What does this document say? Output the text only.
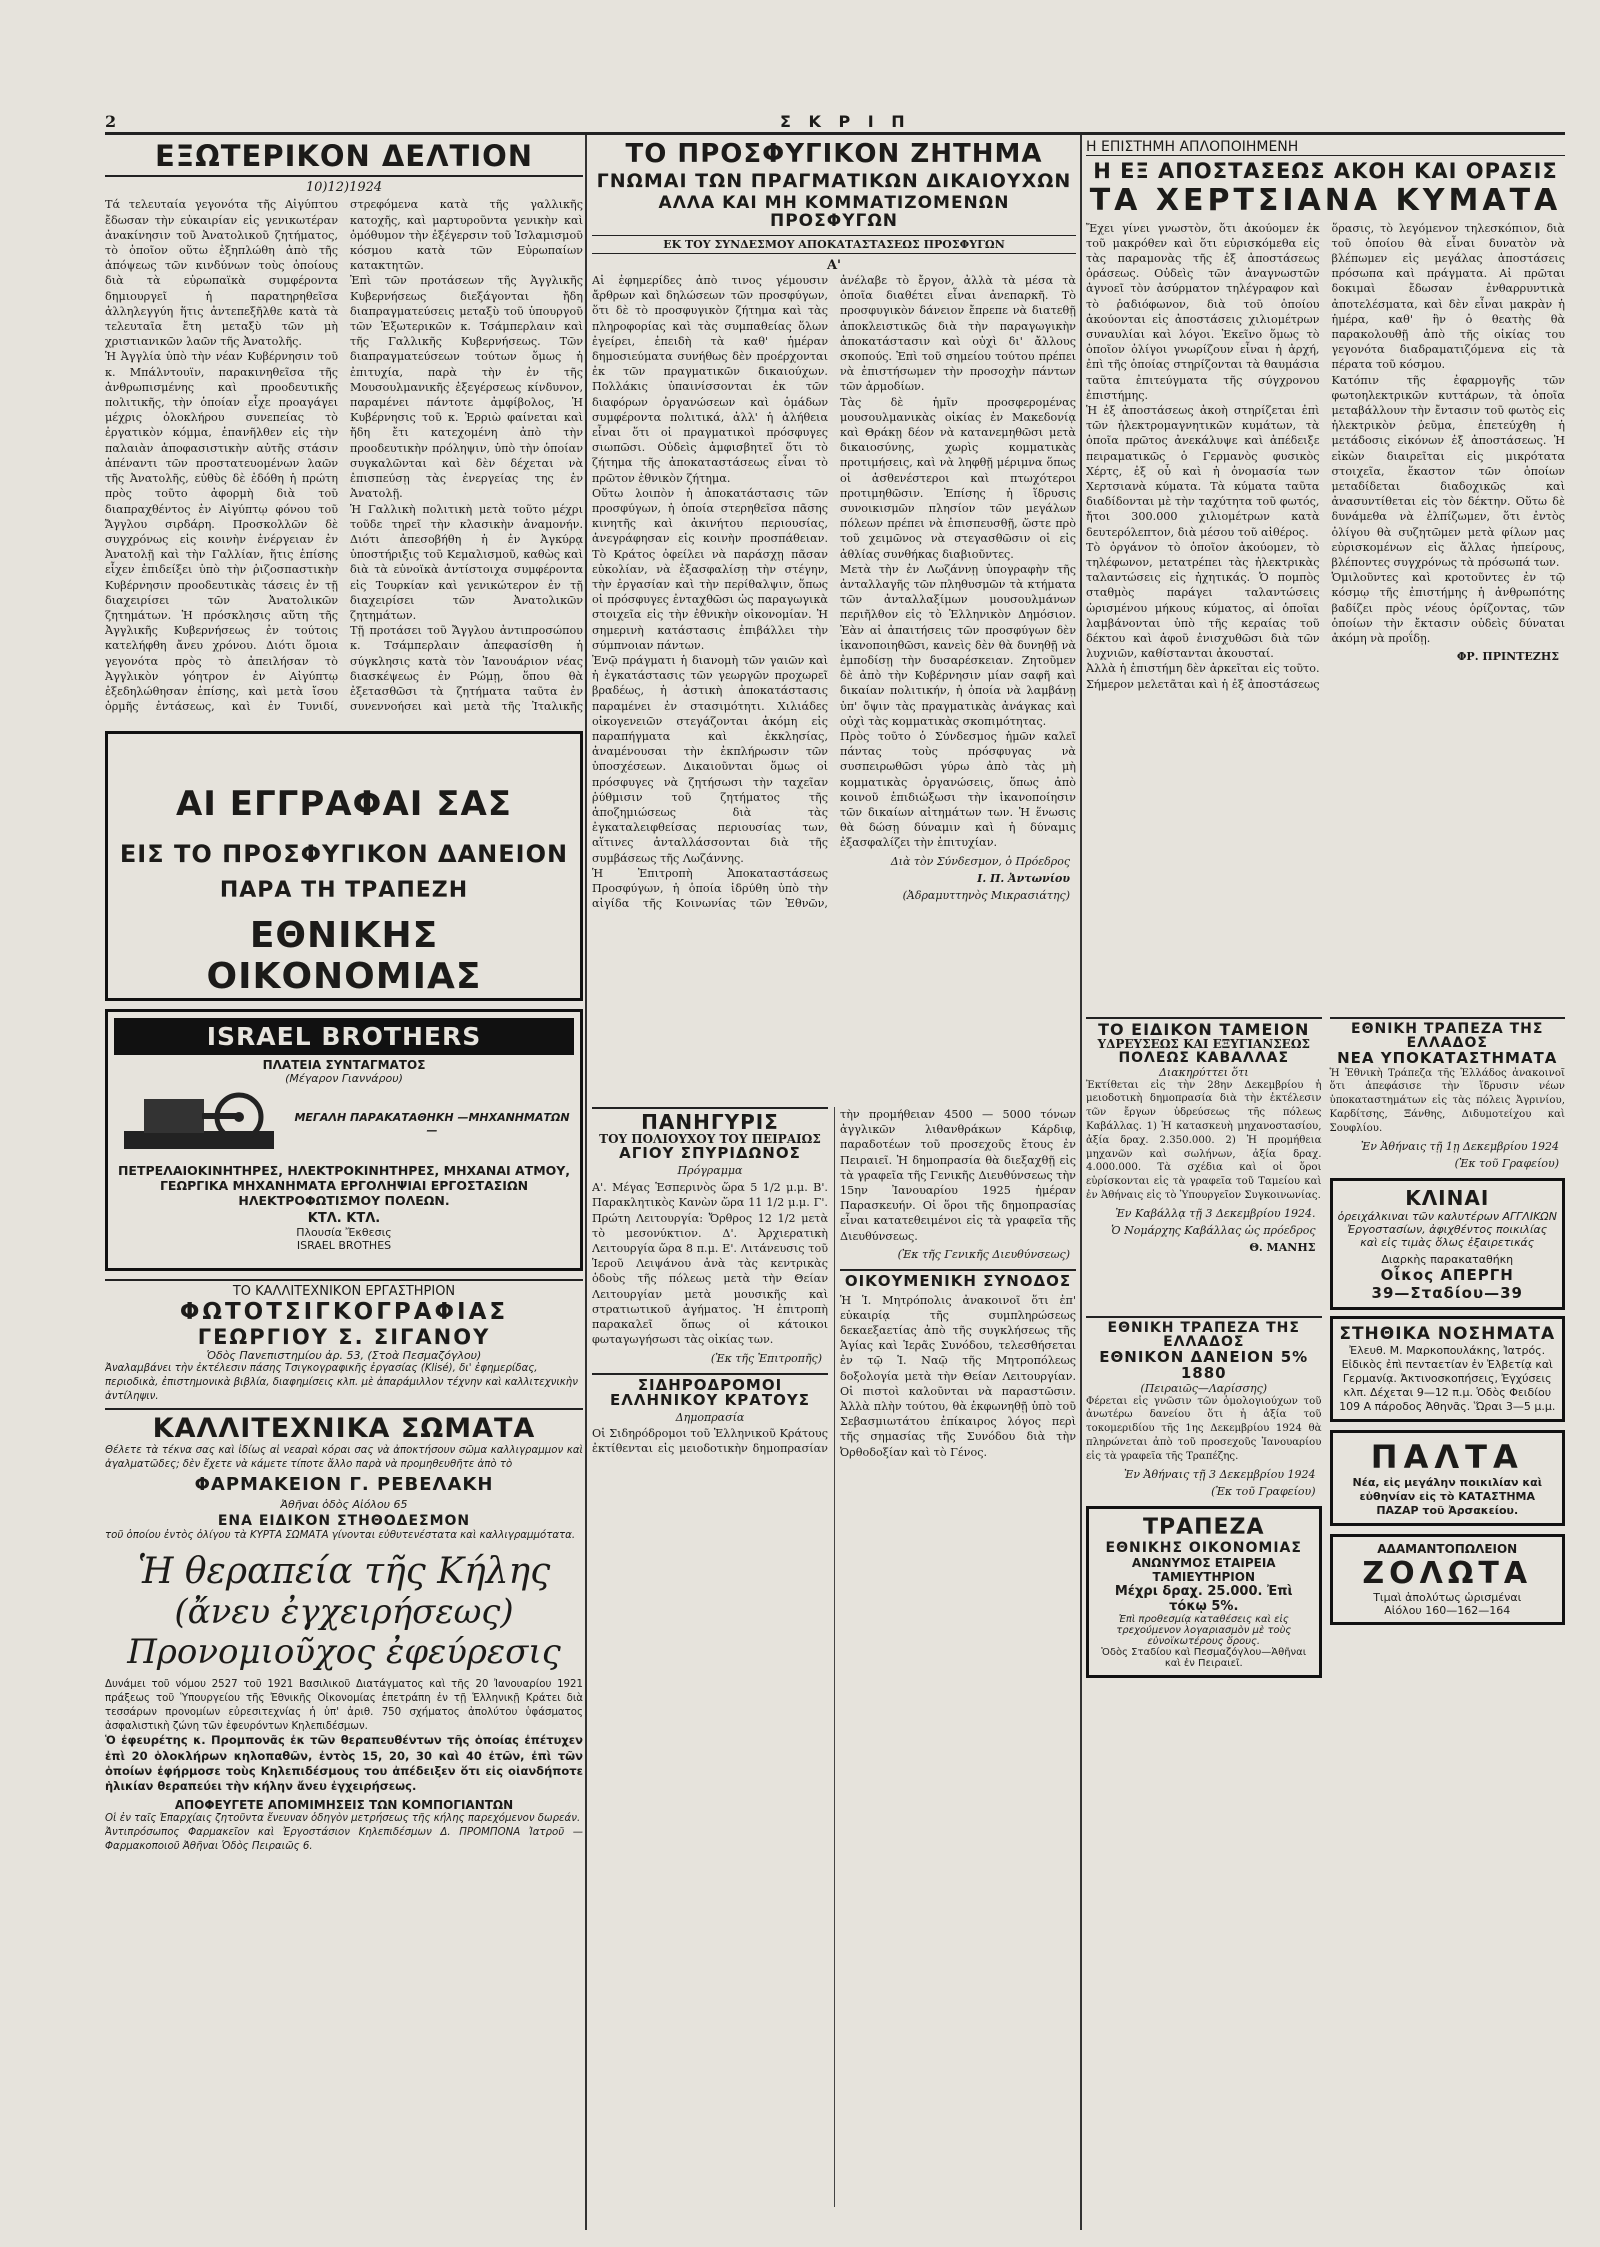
2	Σ Κ Ρ Ι Π
ΕΞΩΤΕΡΙΚΟΝ ΔΕΛΤΙΟΝ
10)12)1924

Τά τελευταία γεγονότα τῆς Αἰγύπτου ἔδωσαν τὴν εὐκαιρίαν εἰς γενικωτέραν ἀνακίνησιν τοῦ Ἀνατολικοῦ ζητήματος, τὸ ὁποῖον οὕτω ἐξηπλώθη ἀπὸ τῆς ἀπόψεως τῶν κινδύνων τοὺς ὁποίους διὰ τὰ εὐρωπαϊκὰ συμφέροντα δημιουργεῖ ἡ παρατηρηθεῖσα ἀλληλεγγύη ἥτις ἀντεπεξῆλθε κατὰ τὰ τελευταῖα ἔτη μεταξὺ τῶν μὴ χριστιανικῶν λαῶν τῆς Ἀνατολῆς.

Ἡ Ἀγγλία ὑπὸ τὴν νέαν Κυβέρνησιν τοῦ κ. Μπάλντουϊν, παρακινηθεῖσα τῆς ἀνθρωπισμένης καὶ προοδευτικῆς πολιτικῆς, τὴν ὁποίαν εἶχε προαγάγει μέχρις ὁλοκλήρου συνεπείας τὸ ἐργατικὸν κόμμα, ἐπανῆλθεν εἰς τὴν παλαιὰν ἀποφασιστικὴν αὐτῆς στάσιν ἀπέναντι τῶν προστατευομένων λαῶν τῆς Ἀνατολῆς, εὐθὺς δὲ ἐδόθη ἡ πρώτη πρὸς τοῦτο ἀφορμὴ διὰ τοῦ διαπραχθέντος ἐν Αἰγύπτῳ φόνου τοῦ Ἄγγλου σιρδάρη. Προσκολλῶν δὲ συγχρόνως εἰς κοινὴν ἐνέργειαν ἐν Ἀνατολῇ καὶ τὴν Γαλλίαν, ἥτις ἐπίσης εἶχεν ἐπιδείξει ὑπὸ τὴν ῥιζοσπαστικὴν Κυβέρνησιν προοδευτικὰς τάσεις ἐν τῇ διαχειρίσει τῶν Ἀνατολικῶν ζητημάτων. Ἡ πρόσκλησις αὕτη τῆς Ἀγγλικῆς Κυβερνήσεως ἐν τούτοις κατελήφθη ἄνευ χρόνου. Διότι ὅμοια γεγονότα πρὸς τὸ ἀπειλήσαν τὸ Ἀγγλικὸν γόητρον ἐν Αἰγύπτῳ ἐξεδηλώθησαν ἐπίσης, καὶ μετὰ ἴσου ὁρμῆς ἐντάσεως, καὶ ἐν Τυνιδί, στρεφόμενα κατὰ τῆς γαλλικῆς κατοχῆς, καὶ μαρτυροῦντα γενικὴν καὶ ὁμόθυμον τὴν ἐξέγερσιν τοῦ Ἰσλαμισμοῦ κόσμου κατὰ τῶν Εὐρωπαίων κατακτητῶν.

Ἐπὶ τῶν προτάσεων τῆς Ἀγγλικῆς Κυβερνήσεως διεξάγονται ἤδη διαπραγματεύσεις μεταξὺ τοῦ ὑπουργοῦ τῶν Ἐξωτερικῶν κ. Τσάμπερλαιν καὶ τῆς Γαλλικῆς Κυβερνήσεως. Τῶν διαπραγματεύσεων τούτων ὅμως ἡ ἐπιτυχία, παρὰ τὴν ἐν τῆς Μουσουλμανικῆς ἐξεγέρσεως κίνδυνον, παραμένει πάντοτε ἀμφίβολος, Ἡ Κυβέρνησις τοῦ κ. Ἐρριὼ φαίνεται καὶ ἤδη ἔτι κατεχομένη ἀπὸ τὴν προοδευτικὴν πρόληψιν, ὑπὸ τὴν ὁποίαν συγκαλῶνται καὶ δὲν δέχεται νὰ ἐπισπεύσῃ τὰς ἐνεργείας της ἐν Ἀνατολῇ.

Ἡ Γαλλικὴ πολιτικὴ μετὰ τοῦτο μέχρι τοῦδε τηρεῖ τὴν κλασικὴν ἀναμονήν. Διότι ἀπεσοβήθη ἡ ἐν Ἀγκύρᾳ ὑποστήριξις τοῦ Κεμαλισμοῦ, καθὼς καὶ διὰ τὰ εὐνοϊκὰ ἀντίστοιχα συμφέροντα εἰς Τουρκίαν καὶ γενικώτερον ἐν τῇ διαχειρίσει τῶν Ἀνατολικῶν ζητημάτων.

Τῇ προτάσει τοῦ Ἄγγλου ἀντιπροσώπου κ. Τσάμπερλαιν ἀπεφασίσθη ἡ σύγκλησις κατὰ τὸν Ἰανουάριον νέας διασκέψεως ἐν Ρώμῃ, ὅπου θὰ ἐξετασθῶσι τὰ ζητήματα ταῦτα ἐν συνεννοήσει καὶ μετὰ τῆς Ἰταλικῆς

ΑΙ ΕΓΓΡΑΦΑΙ ΣΑΣ
ΕΙΣ ΤΟ ΠΡΟΣΦΥΓΙΚΟΝ ΔΑΝΕΙΟΝ
ΠΑΡΑ ΤΗ ΤΡΑΠΕΖΗ
ΕΘΝΙΚΗΣ ΟΙΚΟΝΟΜΙΑΣ
ISRAEL BROTHERS
ΠΛΑΤΕΙΑ ΣΥΝΤΑΓΜΑΤΟΣ
(Μέγαρον Γιαννάρου)
ΜΕΓΑΛΗ ΠΑΡΑΚΑΤΑΘΗΚΗ —ΜΗΧΑΝΗΜΑΤΩΝ—
ΠΕΤΡΕΛΑΙΟΚΙΝΗΤΗΡΕΣ, ΗΛΕΚΤΡΟΚΙΝΗΤΗΡΕΣ, ΜΗΧΑΝΑΙ ΑΤΜΟΥ, ΓΕΩΡΓΙΚΑ ΜΗΧΑΝΗΜΑΤΑ ΕΡΓΟΛΗΨΙΑΙ ΕΡΓΟΣΤΑΣΙΩΝ ΗΛΕΚΤΡΟΦΩΤΙΣΜΟΥ ΠΟΛΕΩΝ.
ΚΤΛ. ΚΤΛ.
Πλουσία Ἔκθεσις
ISRAEL BROTHES
ΤΟ ΚΑΛΛΙΤΕΧΝΙΚΟΝ ΕΡΓΑΣΤΗΡΙΟΝ
ΦΩΤΟΤΣΙΓΚΟΓΡΑΦΙΑΣ
ΓΕΩΡΓΙΟΥ Σ. ΣΙΓΑΝΟΥ
Ὁδὸς Πανεπιστημίου ἀρ. 53, (Στοὰ Πεσμαζόγλου)

Ἀναλαμβάνει τὴν ἐκτέλεσιν πάσης Τσιγκογραφικῆς ἐργασίας (Klisé), δι' ἐφημερίδας, περιοδικὰ, ἐπιστημονικὰ βιβλία, διαφημίσεις κλπ. μὲ ἀπαράμιλλον τέχνην καὶ καλλιτεχνικὴν ἀντίληψιν.

ΚΑΛΛΙΤΕΧΝΙΚΑ ΣΩΜΑΤΑ

Θέλετε τὰ τέκνα σας καὶ ἰδίως αἱ νεαραὶ κόραι σας νὰ ἀποκτήσουν σῶμα καλλιγραμμον καὶ ἀγαλματῶδες; δὲν ἔχετε νὰ κάμετε τίποτε ἄλλο παρὰ νὰ προμηθευθῆτε ἀπὸ τὸ

ΦΑΡΜΑΚΕΙΟΝ Γ. ΡΕΒΕΛΑΚΗ
Ἀθῆναι ὁδὸς Αἰόλου 65
ΕΝΑ ΕΙΔΙΚΟΝ ΣΤΗΘΟΔΕΣΜΟΝ

τοῦ ὁποίου ἐντὸς ὀλίγου τὰ ΚΥΡΤΑ ΣΩΜΑΤΑ γίνονται εὐθυτενέστατα καὶ καλλιγραμμότατα.

Ἡ θεραπεία τῆς Κήλης
(ἄνευ ἐγχειρήσεως)
Προνομιοῦχος ἐφεύρεσις

Δυνάμει τοῦ νόμου 2527 τοῦ 1921 Βασιλικοῦ Διατάγματος καὶ τῆς 20 Ἰανουαρίου 1921 πράξεως τοῦ Ὑπουργείου τῆς Ἐθνικῆς Οἰκονομίας ἐπετράπη ἐν τῇ Ἑλληνικῇ Κράτει διὰ τεσσάρων προνομίων εὐρεσιτεχνίας ἡ ὑπ' ἀριθ. 750 σχήματος ἀπολύτου ὑφάσματος ἀσφαλιστικὴ ζώνη τῶν ἐφευρόντων Κηλεπιδέσμων.

Ὁ ἐφευρέτης κ. Προμπονᾶς ἐκ τῶν θεραπευθέντων τῆς ὁποίας ἐπέτυχεν ἐπὶ 20 ὁλοκλήρων κηλοπαθῶν, ἐντὸς 15, 20, 30 καὶ 40 ἐτῶν, ἐπὶ τῶν ὁποίων ἐφήρμοσε τοὺς Κηλεπιδέσμους του ἀπέδειξεν ὅτι εἰς οἱανδήποτε ἡλικίαν θεραπεύει τὴν κήλην ἄνευ ἐγχειρήσεως.

ΑΠΟΦΕΥΓΕΤΕ ΑΠΟΜΙΜΗΣΕΙΣ ΤΩΝ ΚΟΜΠΟΓΙΑΝΤΩΝ

Οἱ ἐν ταῖς Ἐπαρχίαις ζητοῦντα ἔνευναν ὁδηγὸν μετρήσεως τῆς κήλης παρεχόμενον δωρεάν.

Ἀντιπρόσωπος Φαρμακεῖον καὶ Ἐργοστάσιον Κηλεπιδέσμων Δ. ΠΡΟΜΠΟΝΑ Ἰατροῦ — Φαρμακοποιοῦ Ἀθῆναι Ὁδὸς Πειραιῶς 6.

ΤΟ ΠΡΟΣΦΥΓΙΚΟΝ ΖΗΤΗΜΑ
ΓΝΩΜΑΙ ΤΩΝ ΠΡΑΓΜΑΤΙΚΩΝ ΔΙΚΑΙΟΥΧΩΝ
ΑΛΛΑ ΚΑΙ ΜΗ ΚΟΜΜΑΤΙΖΟΜΕΝΩΝ ΠΡΟΣΦΥΓΩΝ
ΕΚ ΤΟΥ ΣΥΝΔΕΣΜΟΥ ΑΠΟΚΑΤΑΣΤΑΣΕΩΣ ΠΡΟΣΦΥΓΩΝ
Α'

Αἱ ἐφημερίδες ἀπὸ τινος γέμουσιν ἄρθρων καὶ δηλώσεων τῶν προσφύγων, ὅτι δὲ τὸ προσφυγικὸν ζήτημα καὶ τὰς πληροφορίας καὶ τὰς συμπαθείας ὅλων ἐγείρει, ἐπειδὴ τὰ καθ' ἡμέραν δημοσιεύματα συνήθως δὲν προέρχονται ἐκ τῶν πραγματικῶν δικαιούχων. Πολλάκις ὑπαινίσσονται ἐκ τῶν διαφόρων ὀργανώσεων καὶ ὁμάδων συμφέροντα πολιτικά, ἀλλ' ἡ ἀλήθεια εἶναι ὅτι οἱ πραγματικοὶ πρόσφυγες σιωπῶσι. Οὐδεὶς ἀμφισβητεῖ ὅτι τὸ ζήτημα τῆς ἀποκαταστάσεως εἶναι τὸ πρῶτον ἐθνικὸν ζήτημα.

Οὕτω λοιπὸν ἡ ἀποκατάστασις τῶν προσφύγων, ἡ ὁποία στερηθεῖσα πᾶσης κινητῆς καὶ ἀκινήτου περιουσίας, ἀνεγράφησαν εἰς κοινὴν προσπάθειαν. Τὸ Κράτος ὀφείλει νὰ παράσχῃ πᾶσαν εὐκολίαν, νὰ ἐξασφαλίσῃ τὴν στέγην, τὴν ἐργασίαν καὶ τὴν περίθαλψιν, ὅπως οἱ πρόσφυγες ἐνταχθῶσι ὡς παραγωγικὰ στοιχεῖα εἰς τὴν ἐθνικὴν οἰκονομίαν. Ἡ σημερινὴ κατάστασις ἐπιβάλλει τὴν σύμπνοιαν πάντων.

Ἐνῷ πράγματι ἡ διανομὴ τῶν γαιῶν καὶ ἡ ἐγκατάστασις τῶν γεωργῶν προχωρεῖ βραδέως, ἡ ἀστικὴ ἀποκατάστασις παραμένει ἐν στασιμότητι. Χιλιάδες οἰκογενειῶν στεγάζονται ἀκόμη εἰς παραπήγματα καὶ ἐκκλησίας, ἀναμένουσαι τὴν ἐκπλήρωσιν τῶν ὑποσχέσεων. Δικαιοῦνται ὅμως οἱ πρόσφυγες νὰ ζητήσωσι τὴν ταχεῖαν ῥύθμισιν τοῦ ζητήματος τῆς ἀποζημιώσεως διὰ τὰς ἐγκαταλειφθείσας περιουσίας των, αἵτινες ἀνταλλάσσονται διὰ τῆς συμβάσεως τῆς Λωζάννης.

Ἡ Ἑπιτροπὴ Ἀποκαταστάσεως Προσφύγων, ἡ ὁποία ἱδρύθη ὑπὸ τὴν αἰγίδα τῆς Κοινωνίας τῶν Ἐθνῶν, ἀνέλαβε τὸ ἔργον, ἀλλὰ τὰ μέσα τὰ ὁποῖα διαθέτει εἶναι ἀνεπαρκῆ. Τὸ προσφυγικὸν δάνειον ἔπρεπε νὰ διατεθῇ ἀποκλειστικῶς διὰ τὴν παραγωγικὴν ἀποκατάστασιν καὶ οὐχὶ δι' ἄλλους σκοπούς. Ἐπὶ τοῦ σημείου τούτου πρέπει νὰ ἐπιστήσωμεν τὴν προσοχὴν πάντων τῶν ἁρμοδίων.

Τὰς δὲ ἡμῖν προσφερομένας μουσουλμανικὰς οἰκίας ἐν Μακεδονίᾳ καὶ Θράκῃ δέον νὰ κατανεμηθῶσι μετὰ δικαιοσύνης, χωρὶς κομματικὰς προτιμήσεις, καὶ νὰ ληφθῇ μέριμνα ὅπως οἱ ἀσθενέστεροι καὶ πτωχότεροι προτιμηθῶσιν. Ἐπίσης ἡ ἵδρυσις συνοικισμῶν πλησίον τῶν μεγάλων πόλεων πρέπει νὰ ἐπισπευσθῇ, ὥστε πρὸ τοῦ χειμῶνος νὰ στεγασθῶσιν οἱ εἰς ἀθλίας συνθήκας διαβιοῦντες.

Μετὰ τὴν ἐν Λωζάννῃ ὑπογραφὴν τῆς ἀνταλλαγῆς τῶν πληθυσμῶν τὰ κτήματα τῶν ἀνταλλαξίμων μουσουλμάνων περιῆλθον εἰς τὸ Ἑλληνικὸν Δημόσιον. Ἐὰν αἱ ἀπαιτήσεις τῶν προσφύγων δὲν ἱκανοποιηθῶσι, κανεὶς δὲν θὰ δυνηθῇ νὰ ἐμποδίσῃ τὴν δυσαρέσκειαν. Ζητοῦμεν δὲ ἀπὸ τὴν Κυβέρνησιν μίαν σαφῆ καὶ δικαίαν πολιτικήν, ἡ ὁποία νὰ λαμβάνῃ ὑπ' ὄψιν τὰς πραγματικὰς ἀνάγκας καὶ οὐχὶ τὰς κομματικὰς σκοπιμότητας.

Πρὸς τοῦτο ὁ Σύνδεσμος ἡμῶν καλεῖ πάντας τοὺς πρόσφυγας νὰ συσπειρωθῶσι γύρω ἀπὸ τὰς μὴ κομματικὰς ὀργανώσεις, ὅπως ἀπὸ κοινοῦ ἐπιδιώξωσι τὴν ἱκανοποίησιν τῶν δικαίων αἰτημάτων των. Ἡ ἕνωσις θὰ δώσῃ δύναμιν καὶ ἡ δύναμις ἐξασφαλίζει τὴν ἐπιτυχίαν.

Διὰ τὸν Σύνδεσμον, ὁ Πρόεδρος
Ι. Π. Ἀντωνίου
(Ἀδραμυττηνὸς Μικρασιάτης)
ΠΑΝΗΓΥΡΙΣ
ΤΟΥ ΠΟΛΙΟΥΧΟΥ ΤΟΥ ΠΕΙΡΑΙΩΣ
ΑΓΙΟΥ ΣΠΥΡΙΔΩΝΟΣ
Πρόγραμμα

Α'. Μέγας Ἑσπερινὸς ὥρα 5 1/2 μ.μ. Β'. Παρακλητικὸς Κανὼν ὥρα 11 1/2 μ.μ. Γ'. Πρώτη Λειτουργία: Ὄρθρος 12 1/2 μετὰ τὸ μεσονύκτιον. Δ'. Ἀρχιερατικὴ Λειτουργία ὥρα 8 π.μ. Ε'. Λιτάνευσις τοῦ Ἱεροῦ Λειψάνου ἀνὰ τὰς κεντρικὰς ὁδοὺς τῆς πόλεως μετὰ τὴν Θείαν Λειτουργίαν μετὰ μουσικῆς καὶ στρατιωτικοῦ ἀγήματος. Ἡ ἐπιτροπὴ παρακαλεῖ ὅπως οἱ κάτοικοι φωταγωγήσωσι τὰς οἰκίας των.

(Ἐκ τῆς Ἐπιτροπῆς)
ΣΙΔΗΡΟΔΡΟΜΟΙ ΕΛΛΗΝΙΚΟΥ ΚΡΑΤΟΥΣ
Δημοπρασία

Οἱ Σιδηρόδρομοι τοῦ Ἑλληνικοῦ Κράτους ἐκτίθενται εἰς μειοδοτικὴν δημοπρασίαν τὴν προμήθειαν 4500 — 5000 τόνων ἀγγλικῶν λιθανθράκων Κάρδιφ, παραδοτέων τοῦ προσεχοῦς ἔτους ἐν Πειραιεῖ. Ἡ δημοπρασία θὰ διεξαχθῇ εἰς τὰ γραφεῖα τῆς Γενικῆς Διευθύνσεως τὴν 15ην Ἰανουαρίου 1925 ἡμέραν Παρασκευήν. Οἱ ὅροι τῆς δημοπρασίας εἶναι κατατεθειμένοι εἰς τὰ γραφεῖα τῆς Διευθύνσεως.

(Ἐκ τῆς Γενικῆς Διευθύνσεως)
ΟΙΚΟΥΜΕΝΙΚΗ ΣΥΝΟΔΟΣ

Ἡ Ἱ. Μητρόπολις ἀνακοινοῖ ὅτι ἐπ' εὐκαιρίᾳ τῆς συμπληρώσεως δεκαεξαετίας ἀπὸ τῆς συγκλήσεως τῆς Ἁγίας καὶ Ἱερᾶς Συνόδου, τελεσθήσεται ἐν τῷ Ἱ. Ναῷ τῆς Μητροπόλεως δοξολογία μετὰ τὴν Θείαν Λειτουργίαν. Οἱ πιστοὶ καλοῦνται νὰ παραστῶσιν. Ἀλλὰ πλὴν τούτου, θὰ ἐκφωνηθῇ ὑπὸ τοῦ Σεβασμιωτάτου ἐπίκαιρος λόγος περὶ τῆς σημασίας τῆς Συνόδου διὰ τὴν Ὀρθοδοξίαν καὶ τὸ Γένος.

Η ΕΠΙΣΤΗΜΗ ΑΠΛΟΠΟΙΗΜΕΝΗ
Η ΕΞ ΑΠΟΣΤΑΣΕΩΣ ΑΚΟΗ ΚΑΙ ΟΡΑΣΙΣ
ΤΑ ΧΕΡΤΣΙΑΝΑ ΚΥΜΑΤΑ

Ἔχει γίνει γνωστὸν, ὅτι ἀκούομεν ἐκ τοῦ μακρόθεν καὶ ὅτι εὑρισκόμεθα εἰς τὰς παραμονὰς τῆς ἐξ ἀποστάσεως ὁράσεως. Οὐδεὶς τῶν ἀναγνωστῶν ἀγνοεῖ τὸν ἀσύρματον τηλέγραφον καὶ τὸ ῥαδιόφωνον, διὰ τοῦ ὁποίου ἀκούονται εἰς ἀποστάσεις χιλιομέτρων συναυλίαι καὶ λόγοι. Ἐκεῖνο ὅμως τὸ ὁποῖον ὀλίγοι γνωρίζουν εἶναι ἡ ἀρχή, ἐπὶ τῆς ὁποίας στηρίζονται τὰ θαυμάσια ταῦτα ἐπιτεύγματα τῆς σύγχρονου ἐπιστήμης.

Ἡ ἐξ ἀποστάσεως ἀκοὴ στηρίζεται ἐπὶ τῶν ἠλεκτρομαγνητικῶν κυμάτων, τὰ ὁποῖα πρῶτος ἀνεκάλυψε καὶ ἀπέδειξε πειραματικῶς ὁ Γερμανὸς φυσικὸς Χέρτς, ἐξ οὗ καὶ ἡ ὀνομασία των Χερτσιανὰ κύματα. Τὰ κύματα ταῦτα διαδίδονται μὲ τὴν ταχύτητα τοῦ φωτός, ἤτοι 300.000 χιλιομέτρων κατὰ δευτερόλεπτον, διὰ μέσου τοῦ αἰθέρος.

Τὸ ὀργάνον τὸ ὁποῖον ἀκούομεν, τὸ τηλέφωνον, μετατρέπει τὰς ἠλεκτρικὰς ταλαντώσεις εἰς ἠχητικάς. Ὁ πομπὸς σταθμὸς παράγει ταλαντώσεις ὡρισμένου μήκους κύματος, αἱ ὁποῖαι λαμβάνονται ὑπὸ τῆς κεραίας τοῦ δέκτου καὶ ἀφοῦ ἐνισχυθῶσι διὰ τῶν λυχνιῶν, καθίστανται ἀκουσταί.

Ἀλλὰ ἡ ἐπιστήμη δὲν ἀρκεῖται εἰς τοῦτο. Σήμερον μελετᾶται καὶ ἡ ἐξ ἀποστάσεως ὅρασις, τὸ λεγόμενον τηλεσκόπιον, διὰ τοῦ ὁποίου θὰ εἶναι δυνατὸν νὰ βλέπωμεν εἰς μεγάλας ἀποστάσεις πρόσωπα καὶ πράγματα. Αἱ πρῶται δοκιμαὶ ἔδωσαν ἐνθαρρυντικὰ ἀποτελέσματα, καὶ δὲν εἶναι μακρὰν ἡ ἡμέρα, καθ' ἣν ὁ θεατὴς θὰ παρακολουθῇ ἀπὸ τῆς οἰκίας του γεγονότα διαδραματιζόμενα εἰς τὰ πέρατα τοῦ κόσμου.

Κατόπιν τῆς ἐφαρμογῆς τῶν φωτοηλεκτρικῶν κυττάρων, τὰ ὁποῖα μεταβάλλουν τὴν ἔντασιν τοῦ φωτὸς εἰς ἠλεκτρικὸν ῥεῦμα, ἐπετεύχθη ἡ μετάδοσις εἰκόνων ἐξ ἀποστάσεως. Ἡ εἰκὼν διαιρεῖται εἰς μικρότατα στοιχεῖα, ἕκαστον τῶν ὁποίων μεταδίδεται διαδοχικῶς καὶ ἀνασυντίθεται εἰς τὸν δέκτην. Οὕτω δὲ δυνάμεθα νὰ ἐλπίζωμεν, ὅτι ἐντὸς ὀλίγου θὰ συζητῶμεν μετὰ φίλων μας εὑρισκομένων εἰς ἄλλας ἠπείρους, βλέποντες συγχρόνως τὰ πρόσωπά των.

Ὁμιλοῦντες καὶ κροτοῦντες ἐν τῷ κόσμῳ τῆς ἐπιστήμης ἡ ἀνθρωπότης βαδίζει πρὸς νέους ὁρίζοντας, τῶν ὁποίων τὴν ἔκτασιν οὐδεὶς δύναται ἀκόμη νὰ προΐδῃ.

ΦΡ. ΠΡΙΝΤΕΖΗΣ
ΤΟ ΕΙΔΙΚΟΝ ΤΑΜΕΙΟΝ
ΥΔΡΕΥΣΕΩΣ ΚΑΙ ΕΞΥΓΙΑΝΣΕΩΣ
ΠΟΛΕΩΣ ΚΑΒΑΛΛΑΣ
Διακηρύττει ὅτι

Ἐκτίθεται εἰς τὴν 28ην Δεκεμβρίου ἡ μειοδοτικὴ δημοπρασία διὰ τὴν ἐκτέλεσιν τῶν ἔργων ὑδρεύσεως τῆς πόλεως Καβάλλας. 1) Ἡ κατασκευὴ μηχανοστασίου, ἀξία δραχ. 2.350.000. 2) Ἡ προμήθεια μηχανῶν καὶ σωλήνων, ἀξία δραχ. 4.000.000. Τὰ σχέδια καὶ οἱ ὅροι εὑρίσκονται εἰς τὰ γραφεῖα τοῦ Ταμείου καὶ ἐν Ἀθήναις εἰς τὸ Ὑπουργεῖον Συγκοινωνίας.

Ἐν Καβάλλᾳ τῇ 3 Δεκεμβρίου 1924.
Ὁ Νομάρχης Καβάλλας ὡς πρόεδρος
Θ. ΜΑΝΗΣ
ΕΘΝΙΚΗ ΤΡΑΠΕΖΑ ΤΗΣ ΕΛΛΑΔΟΣ
ΝΕΑ ΥΠΟΚΑΤΑΣΤΗΜΑΤΑ

Ἡ Ἐθνικὴ Τράπεζα τῆς Ἑλλάδος ἀνακοινοῖ ὅτι ἀπεφάσισε τὴν ἵδρυσιν νέων ὑποκαταστημάτων εἰς τὰς πόλεις Ἀγρινίου, Καρδίτσης, Ξάνθης, Διδυμοτείχου καὶ Σουφλίου.

Ἐν Ἀθήναις τῇ 1ῃ Δεκεμβρίου 1924
(Ἐκ τοῦ Γραφείου)
ΚΛΙΝΑΙ
ὁρειχάλκιναι τῶν καλυτέρων ΑΓΓΛΙΚΩΝ Ἐργοστασίων, ἀφιχθέντος ποικιλίας καὶ εἰς τιμὰς ὅλως ἐξαιρετικάς
Διαρκὴς παρακαταθήκη
Οἶκος ΑΠΕΡΓΗ
39—Σταδίου—39
ΕΘΝΙΚΗ ΤΡΑΠΕΖΑ ΤΗΣ ΕΛΛΑΔΟΣ
ΕΘΝΙΚΟΝ ΔΑΝΕΙΟΝ 5% 1880
(Πειραιῶς—Λαρίσσης)

Φέρεται εἰς γνῶσιν τῶν ὁμολογιούχων τοῦ ἀνωτέρω δανείου ὅτι ἡ ἀξία τοῦ τοκομεριδίου τῆς 1ης Δεκεμβρίου 1924 θὰ πληρώνεται ἀπὸ τοῦ προσεχοῦς Ἰανουαρίου εἰς τὰ γραφεῖα τῆς Τραπέζης.

Ἐν Ἀθήναις τῇ 3 Δεκεμβρίου 1924
(Ἐκ τοῦ Γραφείου)
ΤΡΑΠΕΖΑ
ΕΘΝΙΚΗΣ ΟΙΚΟΝΟΜΙΑΣ
ΑΝΩΝΥΜΟΣ ΕΤΑΙΡΕΙΑ
ΤΑΜΙΕΥΤΗΡΙΟΝ
Μέχρι δραχ. 25.000. Ἐπὶ τόκῳ 5%.
Ἐπὶ προθεσμίᾳ καταθέσεις καὶ εἰς τρεχούμενον λογαριασμὸν μὲ τοὺς εὐνοϊκωτέρους ὅρους.
Ὁδὸς Σταδίου καὶ Πεσμαζόγλου—Ἀθῆναι καὶ ἐν Πειραιεῖ.
ΣΤΗΘΙΚΑ ΝΟΣΗΜΑΤΑ
Ἐλευθ. Μ. Μαρκοπουλάκης, Ἰατρός. Εἰδικὸς ἐπὶ πενταετίαν ἐν Ἑλβετίᾳ καὶ Γερμανίᾳ. Ἀκτινοσκοπήσεις, Ἐγχύσεις κλπ. Δέχεται 9—12 π.μ. Ὁδὸς Φειδίου 109 Α πάροδος Ἀθηνᾶς. Ὥραι 3—5 μ.μ.
ΠΑΛΤΑ
Νέα, εἰς μεγάλην ποικιλίαν καὶ εὐθηνίαν εἰς τὸ ΚΑΤΑΣΤΗΜΑ ΠΑΖΑΡ τοῦ Ἀρσακείου.
ΑΔΑΜΑΝΤΟΠΩΛΕΙΟΝ
ΖΟΛΩΤΑ
Τιμαὶ ἀπολύτως ὡρισμέναι
Αἰόλου 160—162—164
